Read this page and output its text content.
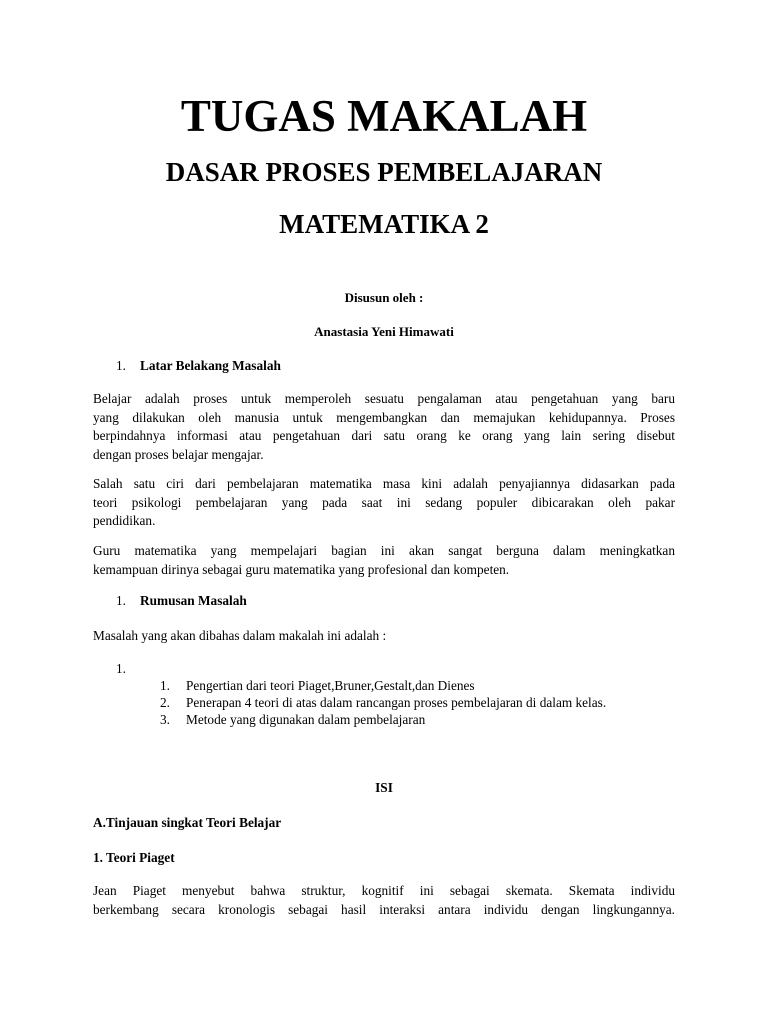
TUGAS MAKALAH
DASAR PROSES PEMBELAJARAN
MATEMATIKA 2
Disusun oleh :
Anastasia Yeni Himawati
1.	Latar Belakang Masalah
Belajar adalah proses untuk memperoleh sesuatu pengalaman atau pengetahuan yang baru
yang dilakukan oleh manusia untuk mengembangkan dan memajukan kehidupannya. Proses
berpindahnya informasi atau pengetahuan dari satu orang ke orang yang lain sering disebut
dengan proses belajar mengajar.
Salah satu ciri dari pembelajaran matematika masa kini adalah penyajiannya didasarkan pada
teori psikologi pembelajaran yang pada saat ini sedang populer dibicarakan oleh pakar
pendidikan.
Guru matematika yang mempelajari bagian ini akan sangat berguna dalam meningkatkan
kemampuan dirinya sebagai guru matematika yang profesional dan kompeten.
1.	Rumusan Masalah
Masalah yang akan dibahas dalam makalah ini adalah :
1.
1.	Pengertian dari teori Piaget,Bruner,Gestalt,dan Dienes
2.	Penerapan 4 teori di atas dalam rancangan proses pembelajaran di dalam kelas.
3.	Metode yang digunakan dalam pembelajaran
ISI
A.Tinjauan singkat Teori Belajar
1. Teori Piaget
Jean Piaget menyebut bahwa struktur, kognitif ini sebagai skemata. Skemata individu
berkembang secara kronologis sebagai hasil interaksi antara individu dengan lingkungannya.
